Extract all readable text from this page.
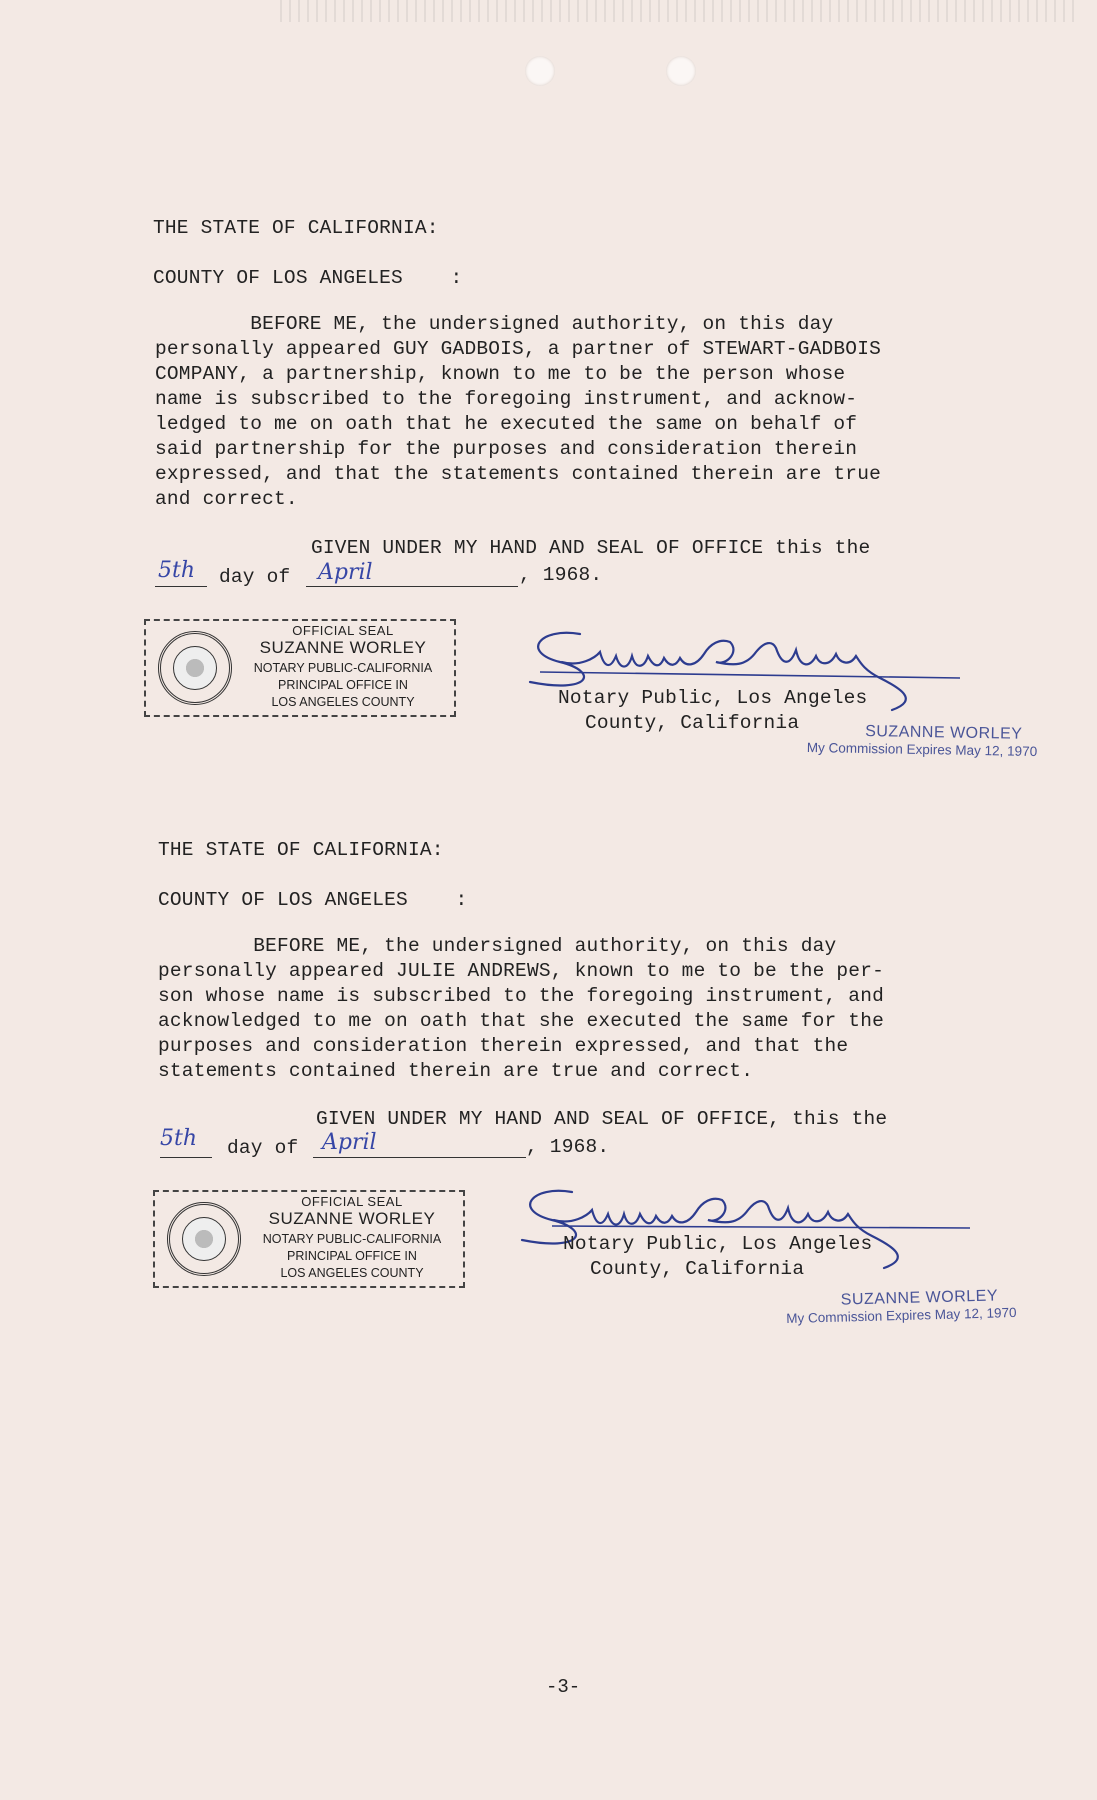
THE STATE OF CALIFORNIA:
COUNTY OF LOS ANGELES    :
BEFORE ME, the undersigned authority, on this day
personally appeared GUY GADBOIS, a partner of STEWART-GADBOIS
COMPANY, a partnership, known to me to be the person whose
name is subscribed to the foregoing instrument, and acknow-
ledged to me on oath that he executed the same on behalf of
said partnership for the purposes and consideration therein
expressed, and that the statements contained therein are true
and correct.
GIVEN UNDER MY HAND AND SEAL OF OFFICE this the
5th day of April	, 1968.
OFFICIAL SEAL
SUZANNE WORLEY
NOTARY PUBLIC-CALIFORNIA
PRINCIPAL OFFICE IN
LOS ANGELES COUNTY	Notary Public, Los Angeles
County, California	SUZANNE WORLEY
My Commission Expires May 12, 1970
THE STATE OF CALIFORNIA:
COUNTY OF LOS ANGELES    :
BEFORE ME, the undersigned authority, on this day
personally appeared JULIE ANDREWS, known to me to be the per-
son whose name is subscribed to the foregoing instrument, and
acknowledged to me on oath that she executed the same for the
purposes and consideration therein expressed, and that the
statements contained therein are true and correct.
GIVEN UNDER MY HAND AND SEAL OF OFFICE, this the
5th day of April	, 1968.
OFFICIAL SEAL
SUZANNE WORLEY
NOTARY PUBLIC-CALIFORNIA
PRINCIPAL OFFICE IN
LOS ANGELES COUNTY
Notary Public, Los Angeles
County, California
SUZANNE WORLEY
My Commission Expires May 12, 1970
-3-
